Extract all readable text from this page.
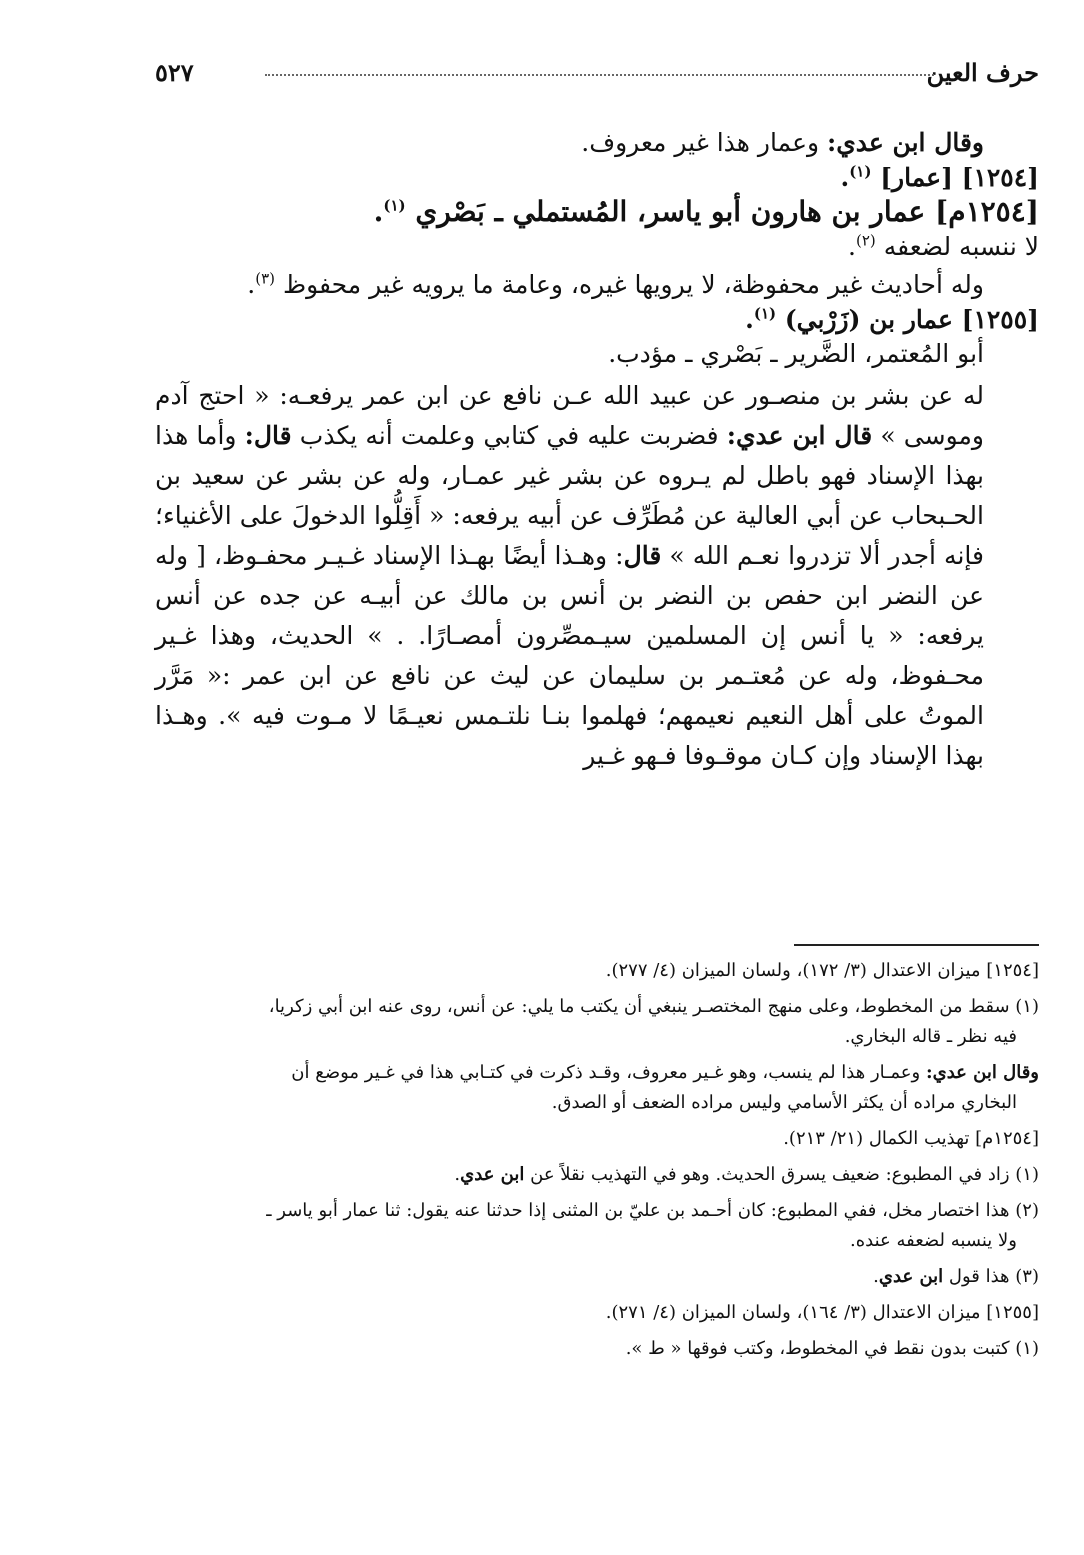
حرف العين
٥٢٧

وقال ابن عدي: وعمار هذا غير معروف.

[١٢٥٤] [عمار] $^{(١)}$.

[١٢٥٤م] عمار بن هارون أبو ياسر، المُستملي ـ بَصْري $^{(١)}$.

لا ننسبه لضعفه $^{(٢)}$.

وله أحاديث غير محفوظة، لا يرويها غيره، وعامة ما يرويه غير محفوظ $^{(٣)}$.

[١٢٥٥] عمار بن (زَرْبي) $^{(١)}$.

أبو المُعتمر، الضَّرير ـ بَصْري ـ مؤدب.

له عن بشر بن منصـور عن عبيد الله عـن نافع عن ابن عمر يرفعـه: « احتج آدم وموسى » قال ابن عدي: فضربت عليه في كتابي وعلمت أنه يكذب قال: وأما هذا بهذا الإسناد فهو باطل لم يـروه عن بشر غير عمـار، وله عن بشر عن سعيد بن الحـبحاب عن أبي العالية عن مُطَرِّف عن أبيه يرفعه: « أَقِلُّوا الدخولَ على الأغنياء؛ فإنه أجدر ألا تزدروا نعـم الله » قال: وهـذا أيضًا بهـذا الإسناد غـيـر محفـوظ، [ وله عن النضر ابن حفص بن النضر بن أنس بن مالك عن أبيـه عن جده عن أنس يرفعه: « يا أنس إن المسلمين سيـمصِّرون أمصـارًا. . » الحديث، وهذا غـير محـفوظ، وله عن مُعتـمر بن سليمان عن ليث عن نافع عن ابن عمر :« مَرَّر الموتُ على أهل النعيم نعيمهم؛ فهلموا بنـا نلتـمس نعيـمًا لا مـوت فيه ». وهـذا بهذا الإسناد وإن كـان موقـوفا فـهو غـير

[١٢٥٤] ميزان الاعتدال (٣/ ١٧٢)، ولسان الميزان (٤/ ٢٧٧).

(١) سقط من المخطوط، وعلى منهج المختصـر ينبغي أن يكتب ما يلي: عن أنس، روى عنه ابن أبي زكريا،
فيه نظر ـ قاله البخاري.

وقال ابن عدي: وعمـار هذا لم ينسب، وهو غـير معروف، وقـد ذكرت في كتـابي هذا في غـير موضع أن
البخاري مراده أن يكثر الأسامي وليس مراده الضعف أو الصدق.

[١٢٥٤م] تهذيب الكمال (٢١/ ٢١٣).

(١) زاد في المطبوع: ضعيف يسرق الحديث. وهو في التهذيب نقلاً عن ابن عدي.

(٢) هذا اختصار مخل، ففي المطبوع: كان أحـمد بن عليّ بن المثنى إذا حدثنا عنه يقول: ثنا عمار أبو ياسر ـ
ولا ينسبه لضعفه عنده.

(٣) هذا قول ابن عدي.

[١٢٥٥] ميزان الاعتدال (٣/ ١٦٤)، ولسان الميزان (٤/ ٢٧١).

(١) كتبت بدون نقط في المخطوط، وكتب فوقها « ط ».
